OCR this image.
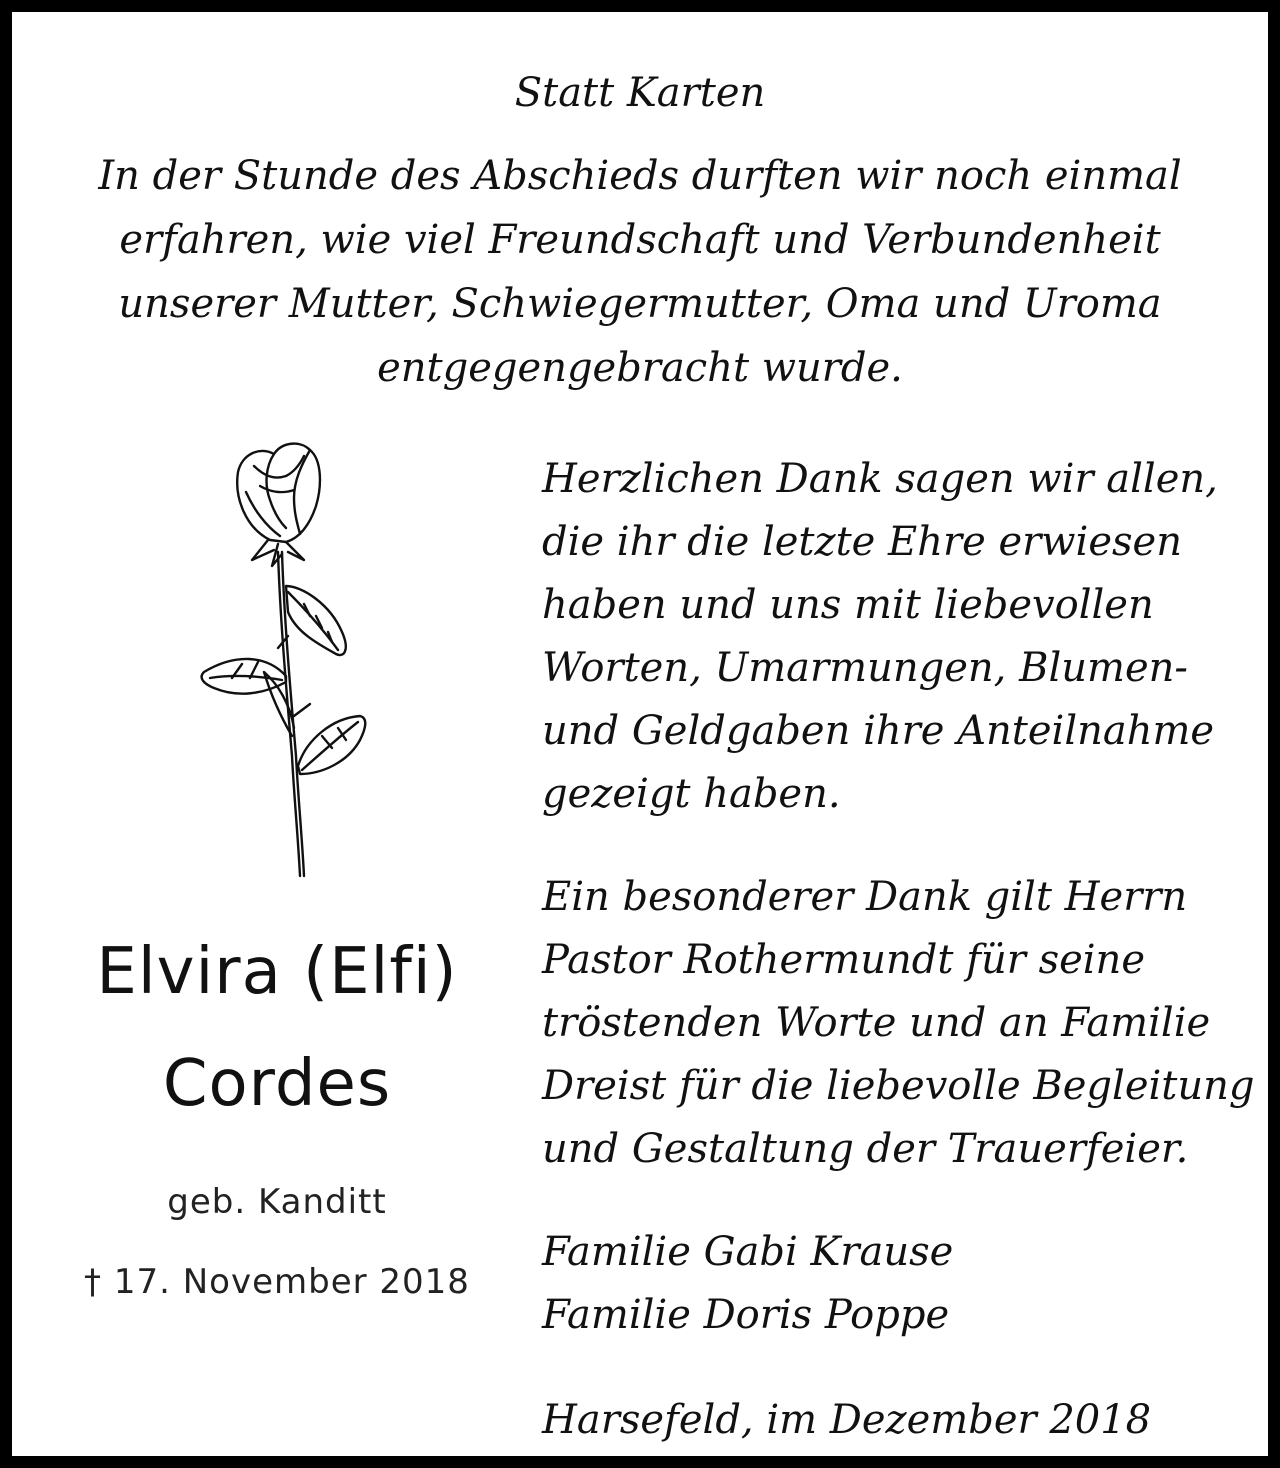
Statt Karten
In der Stunde des Abschieds durften wir noch einmal
erfahren, wie viel Freundschaft und Verbundenheit
unserer Mutter, Schwiegermutter, Oma und Uroma
entgegengebracht wurde.
Elvira (Elfi)
Cordes
geb. Kanditt
† 17. November 2018

Herzlichen Dank sagen wir allen,
die ihr die letzte Ehre erwiesen
haben und uns mit liebevollen
Worten, Umarmungen, Blumen-
und Geldgaben ihre Anteilnahme
gezeigt haben.

Ein besonderer Dank gilt Herrn
Pastor Rothermundt für seine
tröstenden Worte und an Familie
Dreist für die liebevolle Begleitung
und Gestaltung der Trauerfeier.

Familie Gabi Krause
Familie Doris Poppe

Harsefeld, im Dezember 2018
